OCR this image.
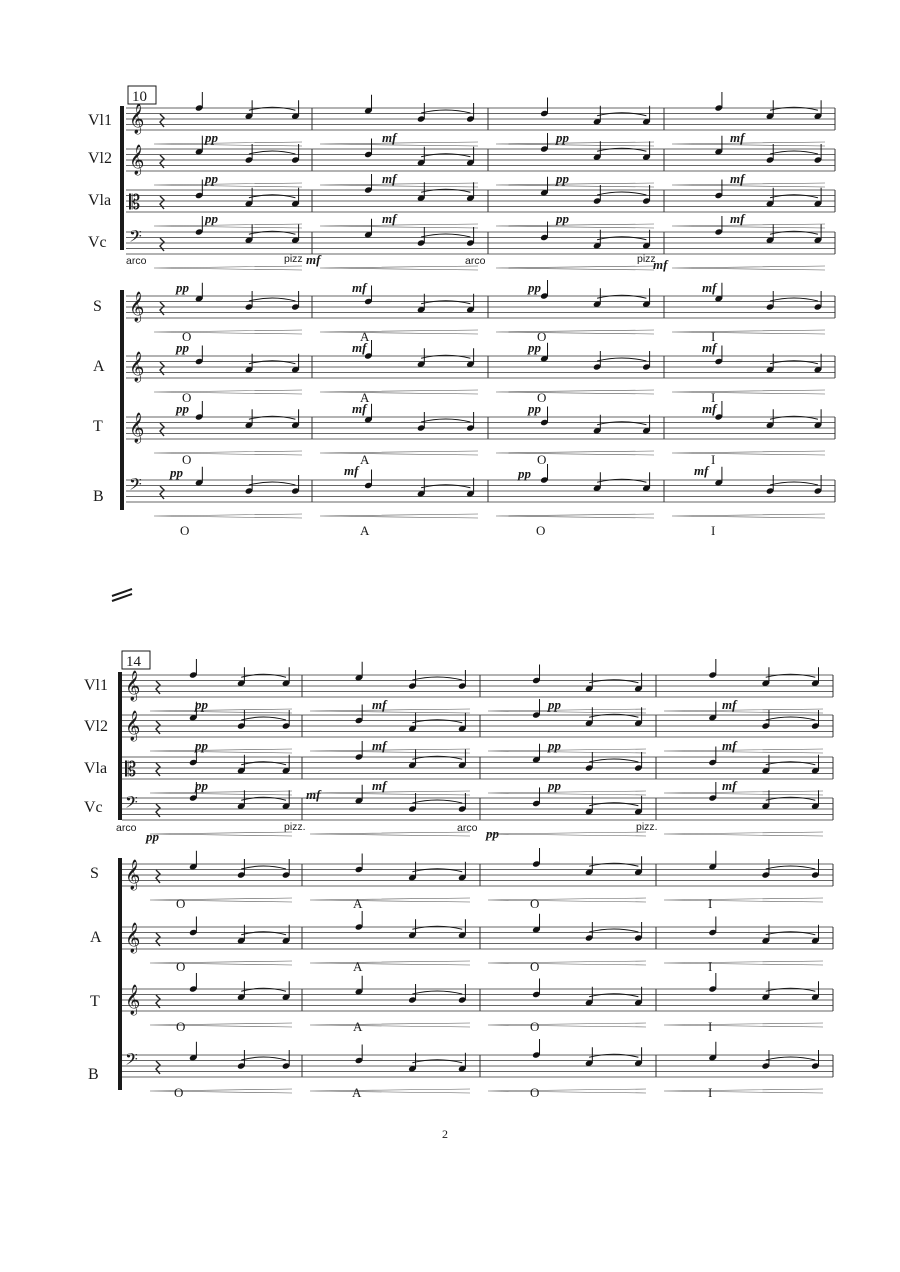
10
Vl1
Vl2
Vla
Vc
S
A
T
B
𝄞
𝄞
𝄡
𝄢
𝄞
𝄞
𝄞
𝄢
pp	mf	pp	mf
pp	mf	pp	mf
pp	mf	pp	mf
arco	pizz mf	arco	pizz
mf
pp	mf	pp	mf
pp	mf	pp	mf
pp	mf	pp	mf
pp	mf	pp	mf
O	A	O	I
O	A	O	I
O	A	O	I
O	A	O	I
14
Vl1
Vl2
Vla
Vc
S
A
T
B
𝄞
𝄞
𝄡
𝄢
𝄞
𝄞
𝄞
𝄢
pp	mf	pp	mf
pp	mf	pp	mf
pp	mf	pp	mf
arco
pp
mf
pizz.	arco pp	pizz.
O	A	O	I
O	A	O	I
O	A	O	I
O	A	O	I
2
